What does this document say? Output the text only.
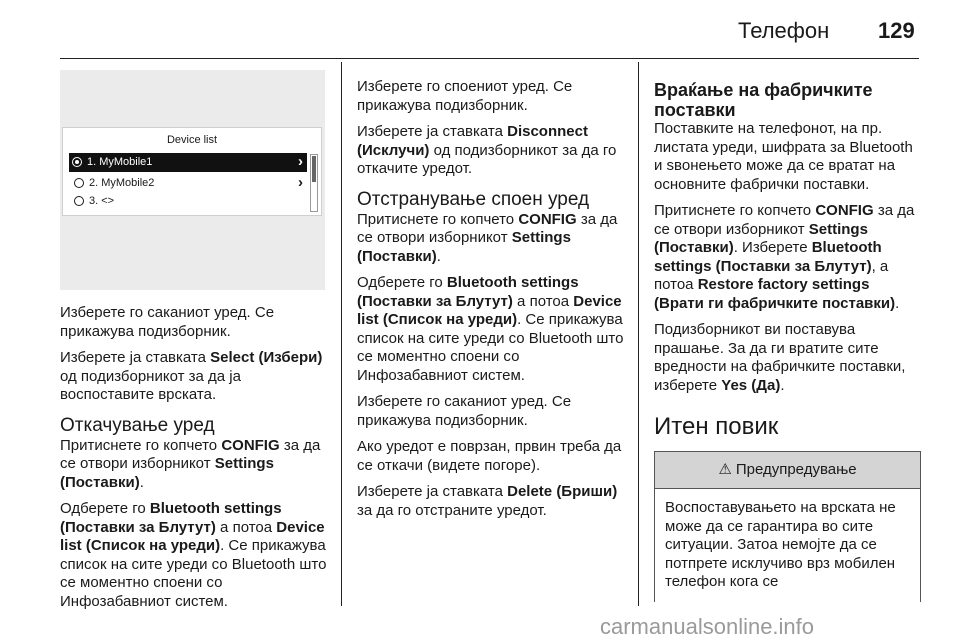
Телефон 129
Device list
1. MyMobile1	›
2. MyMobile2	›
3. <>

Изберете го саканиот уред. Се прикажува подизборник.

Изберете ја ставката Select (Избери) од подизборникот за да ја воспоставите врската.

Откачување уред

Притиснете го копчето CONFIG за да се отвори изборникот Settings (Поставки).

Одберете го Bluetooth settings (Поставки за Блутут) а потоа Device list (Список на уреди). Се прикажува список на сите уреди со Bluetooth што се моментно споени со Инфозабавниот систем.

Изберете го споениот уред. Се прикажува подизборник.

Изберете ја ставката Disconnect (Исклучи) од подизборникот за да го откачите уредот.

Отстранување споен уред

Притиснете го копчето CONFIG за да се отвори изборникот Settings (Поставки).

Одберете го Bluetooth settings (Поставки за Блутут) а потоа Device list (Список на уреди). Се прикажува список на сите уреди со Bluetooth што се моментно споени со Инфозабавниот систем.

Изберете го саканиот уред. Се прикажува подизборник.

Ако уредот е поврзан, првин треба да се откачи (видете погоре).

Изберете ја ставката Delete (Бриши) за да го отстраните уредот.

Враќање на фабричките поставки

Поставките на телефонот, на пр. листата уреди, шифрата за Bluetooth и ѕвонењето може да се вратат на основните фабрички поставки.

Притиснете го копчето CONFIG за да се отвори изборникот Settings (Поставки). Изберете Bluetooth settings (Поставки за Блутут), а потоа Restore factory settings (Врати ги фабричките поставки).

Подизборникот ви поставува прашање. За да ги вратите сите вредности на фабричките поставки, изберете Yes (Да).

Итен повик
⚠ Предупредување
Воспоставувањето на врската не може да се гарантира во сите ситуации. Затоа немојте да се потпрете исклучиво врз мобилен телефон кога се
carmanualsonline.info
